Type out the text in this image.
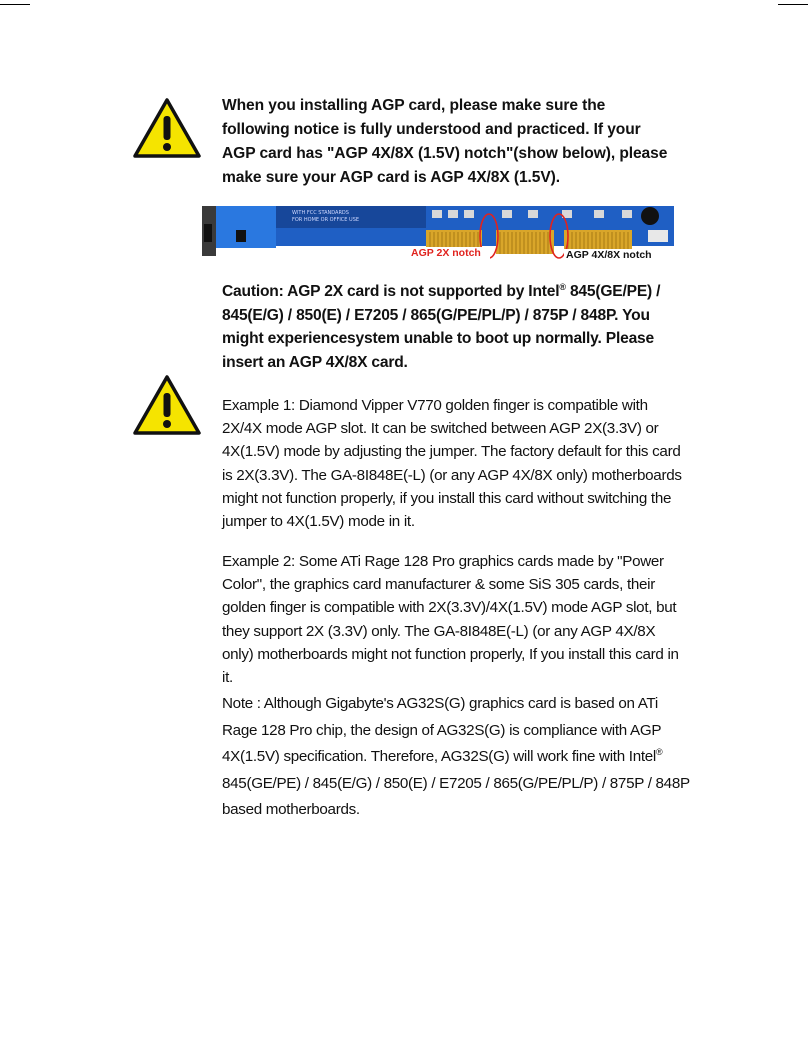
When you installing AGP card, please make sure the following notice is fully understood and practiced. If your AGP card has "AGP 4X/8X (1.5V) notch"(show below), please make sure your AGP card is AGP 4X/8X (1.5V).

WITH FCC STANDARDS
FOR HOME OR OFFICE USE
AGP 2X notch	AGP 4X/8X notch

Caution: AGP 2X card is not supported by Intel® 845(GE/PE) / 845(E/G) / 850(E) / E7205 / 865(G/PE/PL/P) / 875P / 848P. You might experiencesystem unable to boot up normally. Please insert an AGP 4X/8X card.

Example 1: Diamond Vipper V770 golden finger is compatible with 2X/4X mode AGP slot. It can be switched between AGP 2X(3.3V) or 4X(1.5V) mode by adjusting the jumper. The factory default for this card is 2X(3.3V). The GA-8I848E(-L) (or any AGP 4X/8X only) motherboards might not function properly, if you install this card without switching the jumper to 4X(1.5V) mode in it.

Example 2: Some ATi Rage 128 Pro graphics cards made by "Power Color", the graphics card manufacturer & some SiS 305 cards, their golden finger is compatible with 2X(3.3V)/4X(1.5V) mode AGP slot, but they support 2X (3.3V) only. The GA-8I848E(-L) (or any AGP 4X/8X only) motherboards might not function properly, If you install this card in it.

Note : Although Gigabyte's AG32S(G) graphics card is based on ATi Rage 128 Pro chip, the design of AG32S(G) is compliance with AGP 4X(1.5V) specification. Therefore, AG32S(G) will work fine with Intel® 845(GE/PE) / 845(E/G) / 850(E) / E7205 / 865(G/PE/PL/P) / 875P / 848P based motherboards.
